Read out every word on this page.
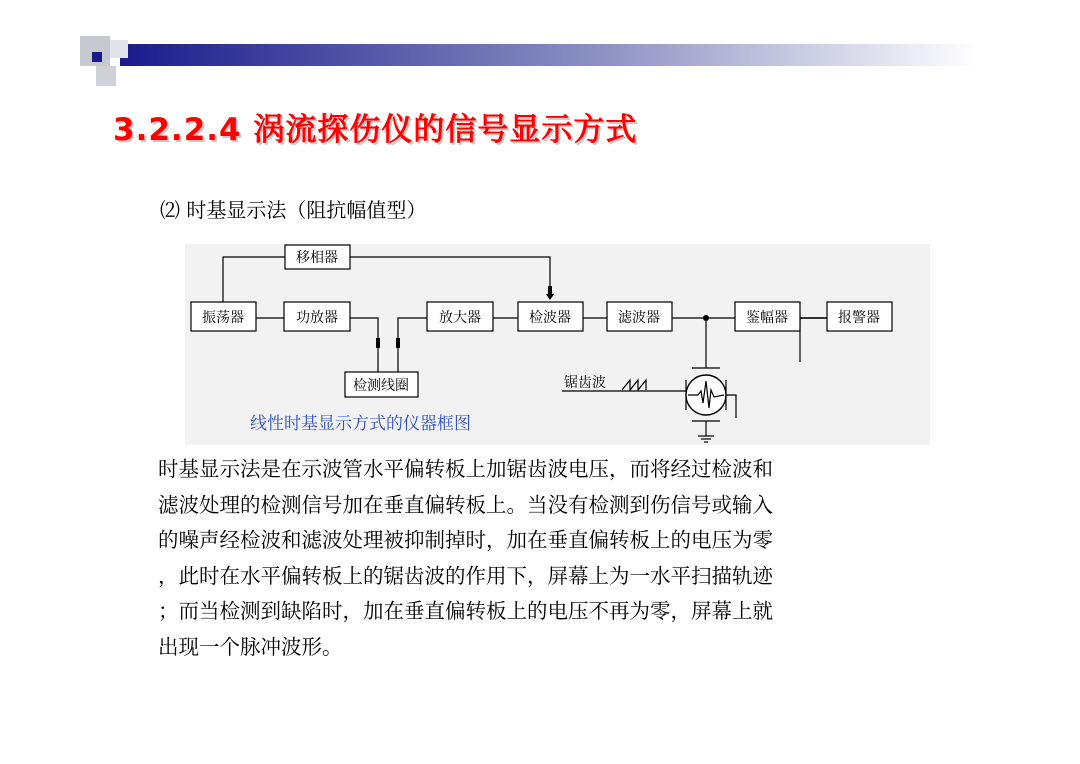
3.2.2.4 涡流探伤仪的信号显示方式
⑵ 时基显示法（阻抗幅值型）
移相器
振荡器	功放器	放大器	检波器	滤波器	鉴幅器	报警器
检测线圈	锯齿波
线性时基显示方式的仪器框图
时基显示法是在示波管水平偏转板上加锯齿波电压，而将经过检波和
滤波处理的检测信号加在垂直偏转板上。当没有检测到伤信号或输入
的噪声经检波和滤波处理被抑制掉时，加在垂直偏转板上的电压为零
，此时在水平偏转板上的锯齿波的作用下，屏幕上为一水平扫描轨迹
；而当检测到缺陷时，加在垂直偏转板上的电压不再为零，屏幕上就
出现一个脉冲波形。
